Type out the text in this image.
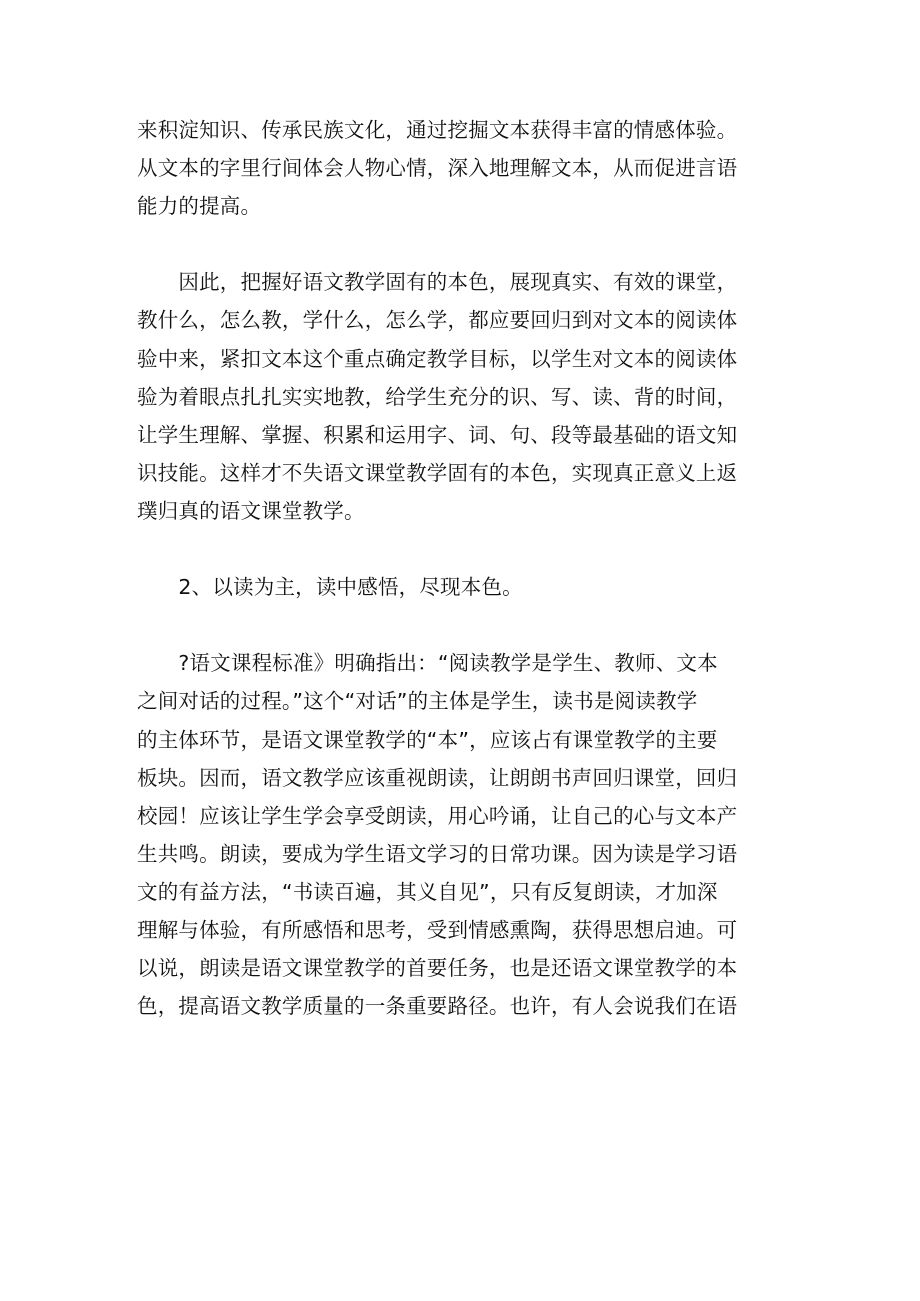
来积淀知识、传承民族文化，通过挖掘文本获得丰富的情感体验。
从文本的字里行间体会人物心情，深入地理解文本，从而促进言语
能力的提高。

　　因此，把握好语文教学固有的本色，展现真实、有效的课堂，
教什么，怎么教，学什么，怎么学，都应要回归到对文本的阅读体
验中来，紧扣文本这个重点确定教学目标，以学生对文本的阅读体
验为着眼点扎扎实实地教，给学生充分的识、写、读、背的时间，
让学生理解、掌握、积累和运用字、词、句、段等最基础的语文知
识技能。这样才不失语文课堂教学固有的本色，实现真正意义上返
璞归真的语文课堂教学。

　　2、以读为主，读中感悟，尽现本色。

　　?语文课程标准》明确指出：“阅读教学是学生、教师、文本
之间对话的过程。”这个“对话”的主体是学生，读书是阅读教学
的主体环节，是语文课堂教学的“本”，应该占有课堂教学的主要
板块。因而，语文教学应该重视朗读，让朗朗书声回归课堂，回归
校园！应该让学生学会享受朗读，用心吟诵，让自己的心与文本产
生共鸣。朗读，要成为学生语文学习的日常功课。因为读是学习语
文的有益方法，“书读百遍，其义自见”，只有反复朗读，才加深
理解与体验，有所感悟和思考，受到情感熏陶，获得思想启迪。可
以说，朗读是语文课堂教学的首要任务，也是还语文课堂教学的本
色，提高语文教学质量的一条重要路径。也许，有人会说我们在语
